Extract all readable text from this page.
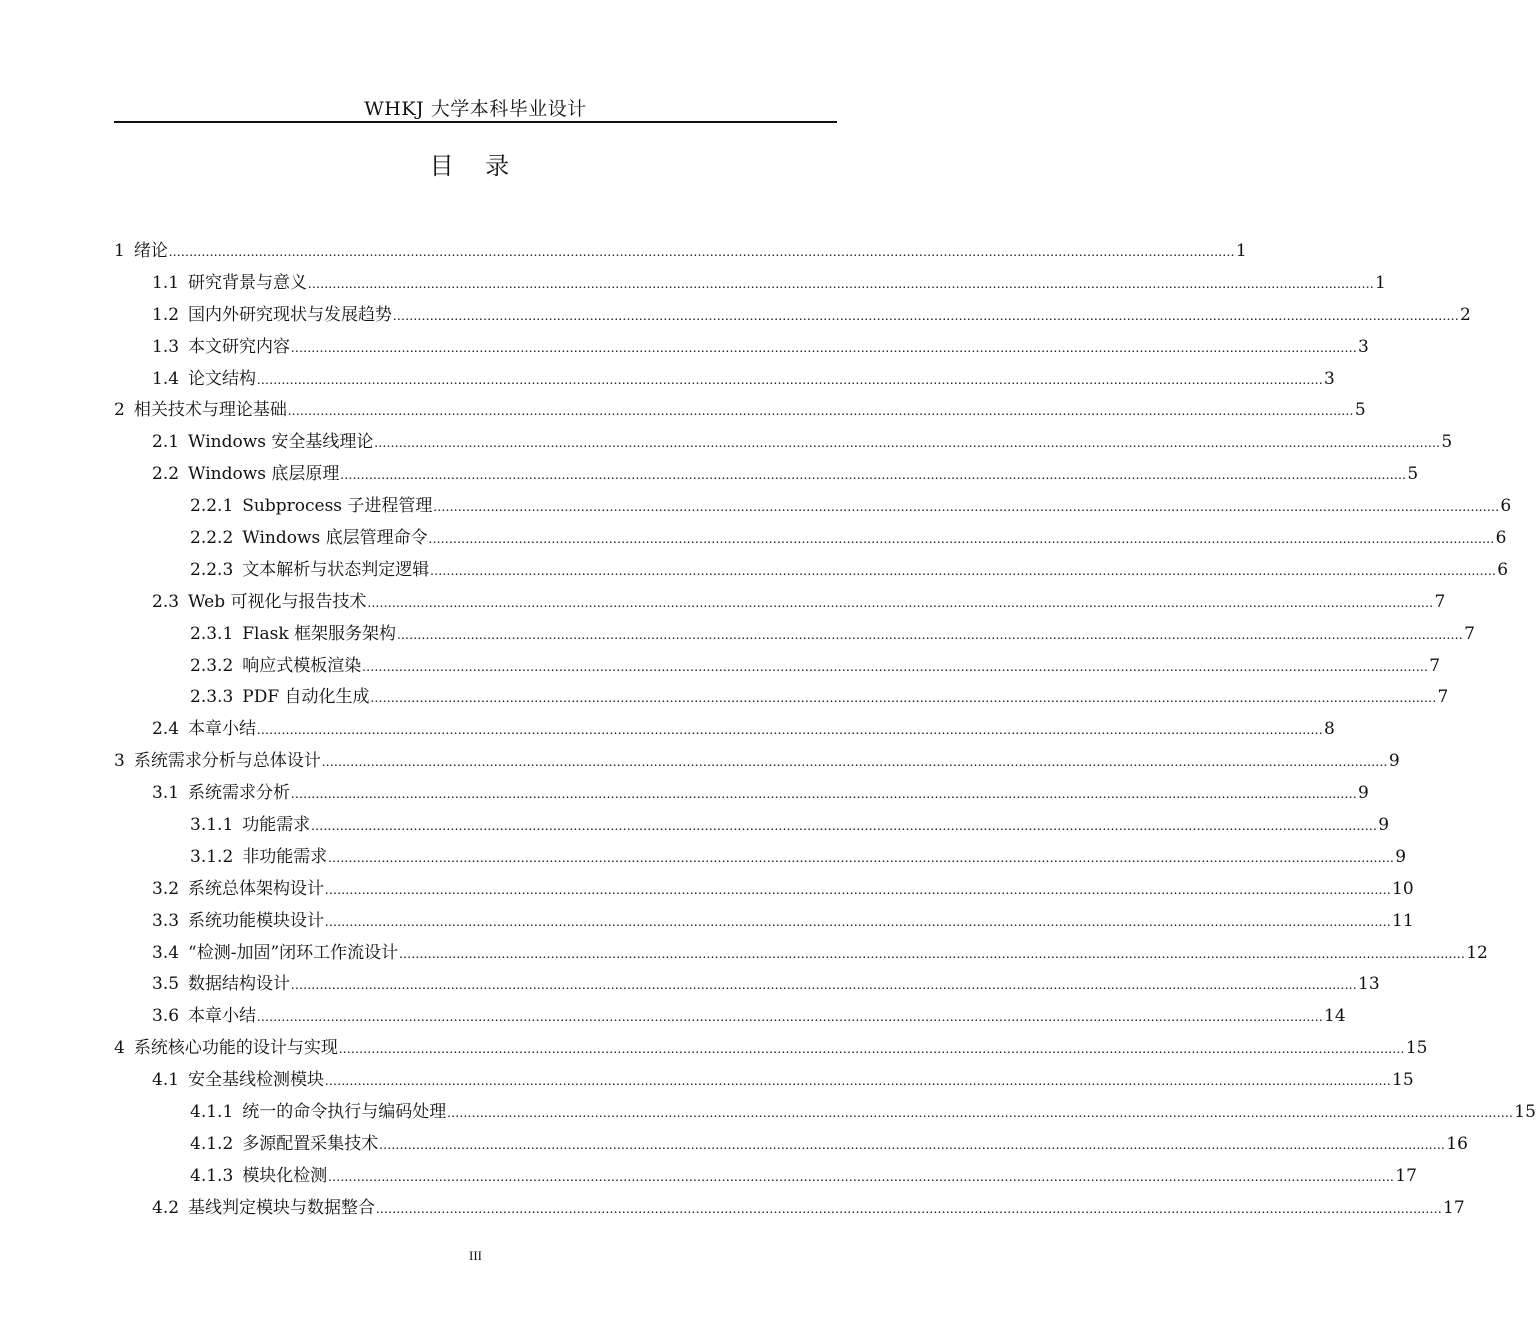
WHKJ 大学本科毕业设计
目 录
1 绪论 .................................................................................................................................................................................................................................................................... 1
1.1 研究背景与意义 .................................................................................................................................................................................................................................................................... 1
1.2 国内外研究现状与发展趋势 .................................................................................................................................................................................................................................................................... 2
1.3 本文研究内容 .................................................................................................................................................................................................................................................................... 3
1.4 论文结构 .................................................................................................................................................................................................................................................................... 3
2 相关技术与理论基础 .................................................................................................................................................................................................................................................................... 5
2.1 Windows 安全基线理论 .................................................................................................................................................................................................................................................................... 5
2.2 Windows 底层原理 .................................................................................................................................................................................................................................................................... 5
2.2.1 Subprocess 子进程管理 .................................................................................................................................................................................................................................................................... 6
2.2.2 Windows 底层管理命令 .................................................................................................................................................................................................................................................................... 6
2.2.3 文本解析与状态判定逻辑 .................................................................................................................................................................................................................................................................... 6
2.3 Web 可视化与报告技术 .................................................................................................................................................................................................................................................................... 7
2.3.1 Flask 框架服务架构 .................................................................................................................................................................................................................................................................... 7
2.3.2 响应式模板渲染 .................................................................................................................................................................................................................................................................... 7
2.3.3 PDF 自动化生成 .................................................................................................................................................................................................................................................................... 7
2.4 本章小结 .................................................................................................................................................................................................................................................................... 8
3 系统需求分析与总体设计 .................................................................................................................................................................................................................................................................... 9
3.1 系统需求分析 .................................................................................................................................................................................................................................................................... 9
3.1.1 功能需求 .................................................................................................................................................................................................................................................................... 9
3.1.2 非功能需求 .................................................................................................................................................................................................................................................................... 9
3.2 系统总体架构设计 .................................................................................................................................................................................................................................................................... 10
3.3 系统功能模块设计 .................................................................................................................................................................................................................................................................... 11
3.4 “检测-加固”闭环工作流设计 .................................................................................................................................................................................................................................................................... 12
3.5 数据结构设计 .................................................................................................................................................................................................................................................................... 13
3.6 本章小结 .................................................................................................................................................................................................................................................................... 14
4 系统核心功能的设计与实现 .................................................................................................................................................................................................................................................................... 15
4.1 安全基线检测模块 .................................................................................................................................................................................................................................................................... 15
4.1.1 统一的命令执行与编码处理 .................................................................................................................................................................................................................................................................... 15
4.1.2 多源配置采集技术 .................................................................................................................................................................................................................................................................... 16
4.1.3 模块化检测 .................................................................................................................................................................................................................................................................... 17
4.2 基线判定模块与数据整合 .................................................................................................................................................................................................................................................................... 17
III
